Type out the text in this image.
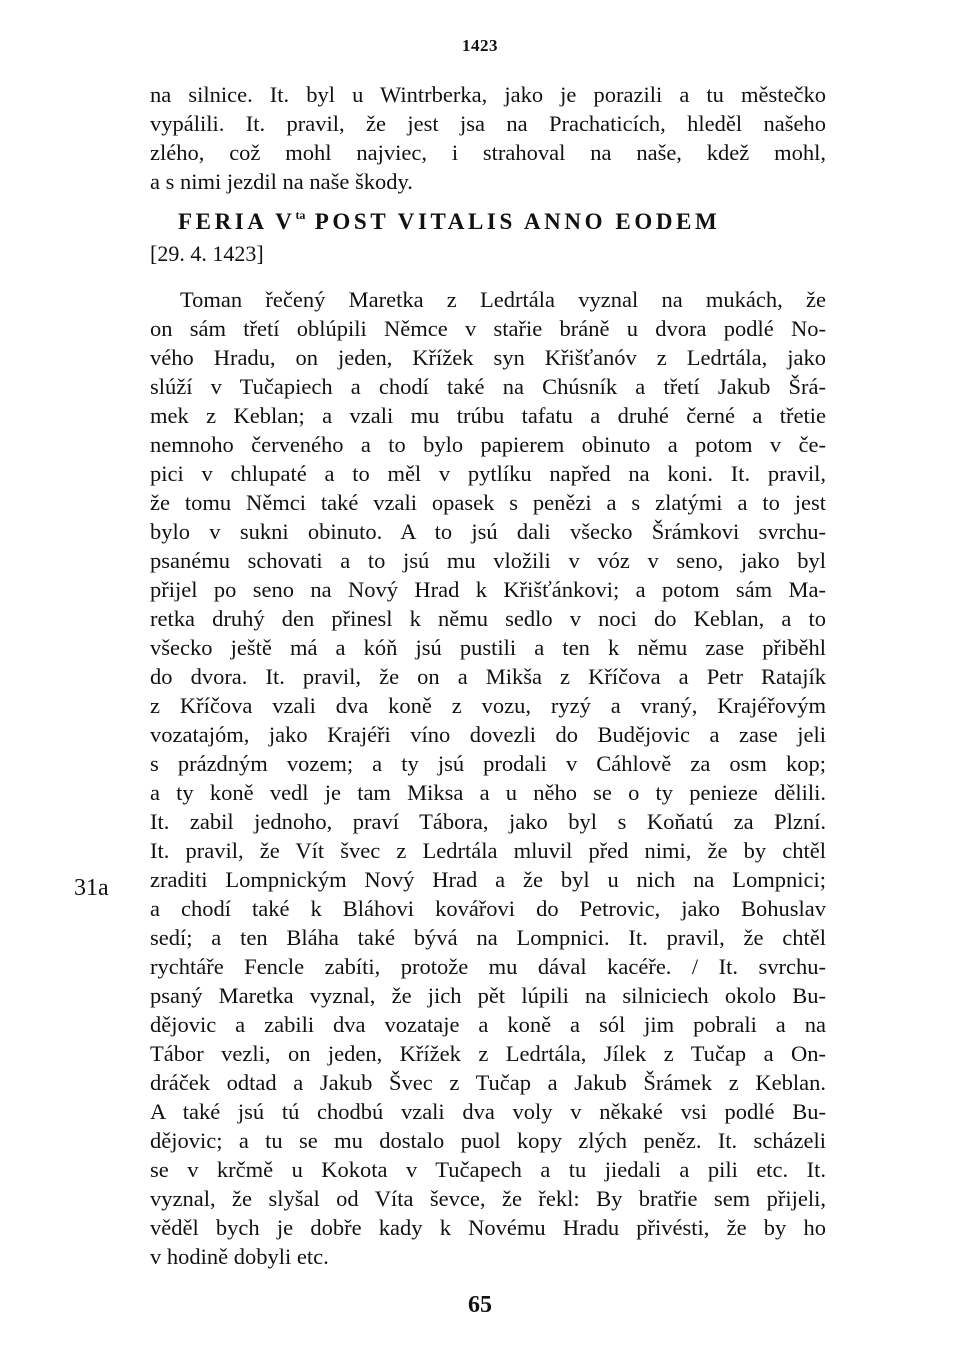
1423
na silnice. It. byl u Wintrberka, jako je porazili a tu městečko
vypálili. It. pravil, že jest jsa na Prachaticích, hleděl našeho
zlého, což mohl najviec, i strahoval na naše, kdež mohl,
a s nimi jezdil na naše škody.
FERIA $V^{ta}$ POST VITALIS ANNO EODEM
[29. 4. 1423]
Toman řečený Maretka z Ledrtála vyznal na mukách, že
on sám třetí oblúpili Němce v stařie bráně u dvora podlé No-
vého Hradu, on jeden, Křížek syn Křišťanóv z Ledrtála, jako
slúží v Tučapiech a chodí také na Chúsník a třetí Jakub Šrá-
mek z Keblan; a vzali mu trúbu tafatu a druhé černé a třetie
nemnoho červeného a to bylo papierem obinuto a potom v če-
pici v chlupaté a to měl v pytlíku napřed na koni. It. pravil,
že tomu Němci také vzali opasek s penězi a s zlatými a to jest
bylo v sukni obinuto. A to jsú dali všecko Šrámkovi svrchu-
psanému schovati a to jsú mu vložili v vóz v seno, jako byl
přijel po seno na Nový Hrad k Křišťánkovi; a potom sám Ma-
retka druhý den přinesl k němu sedlo v noci do Keblan, a to
všecko ještě má a kóň jsú pustili a ten k němu zase přiběhl
do dvora. It. pravil, že on a Mikša z Kříčova a Petr Ratajík
z Kříčova vzali dva koně z vozu, ryzý a vraný, Krajéřovým
vozatajóm, jako Krajéři víno dovezli do Budějovic a zase jeli
s prázdným vozem; a ty jsú prodali v Cáhlově za osm kop;
a ty koně vedl je tam Miksa a u něho se o ty penieze dělili.
It. zabil jednoho, praví Tábora, jako byl s Koňatú za Plzní.
It. pravil, že Vít švec z Ledrtála mluvil před nimi, že by chtěl
zraditi Lompnickým Nový Hrad a že byl u nich na Lompnici;
a chodí také k Bláhovi kovářovi do Petrovic, jako Bohuslav
sedí; a ten Bláha také bývá na Lompnici. It. pravil, že chtěl
rychtáře Fencle zabíti, protože mu dával kacéře. / It. svrchu-
psaný Maretka vyznal, že jich pět lúpili na silniciech okolo Bu-
dějovic a zabili dva vozataje a koně a sól jim pobrali a na
Tábor vezli, on jeden, Křížek z Ledrtála, Jílek z Tučap a On-
dráček odtad a Jakub Švec z Tučap a Jakub Šrámek z Keblan.
A také jsú tú chodbú vzali dva voly v někaké vsi podlé Bu-
dějovic; a tu se mu dostalo puol kopy zlých peněz. It. scházeli
se v krčmě u Kokota v Tučapech a tu jiedali a pili etc. It.
vyznal, že slyšal od Víta ševce, že řekl: By bratřie sem přijeli,
věděl bych je dobře kady k Novému Hradu přivésti, že by ho
v hodině dobyli etc.
31a
65
